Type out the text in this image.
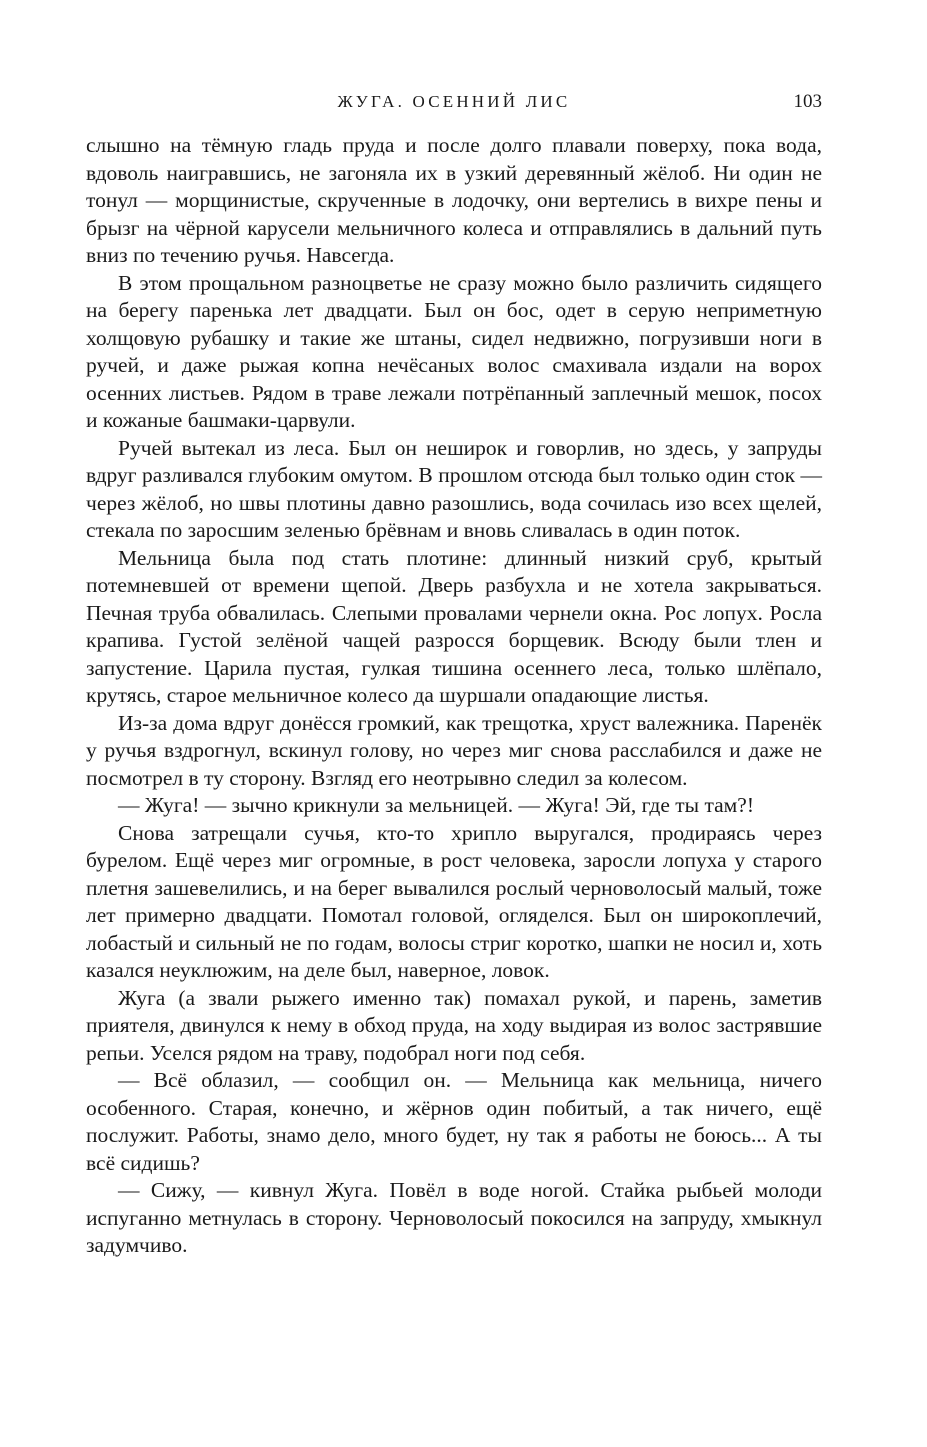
ЖУГА. ОСЕННИЙ ЛИС	103

слышно на тёмную гладь пруда и после долго плавали поверху, пока вода, вдоволь наигравшись, не загоняла их в узкий деревянный жёлоб. Ни один не тонул — морщинистые, скрученные в лодочку, они вертелись в вихре пены и брызг на чёрной карусели мельничного колеса и отправлялись в дальний путь вниз по течению ручья. Навсегда.

В этом прощальном разноцветье не сразу можно было различить сидящего на берегу паренька лет двадцати. Был он бос, одет в серую неприметную холщовую рубашку и такие же штаны, сидел недвижно, погрузивши ноги в ручей, и даже рыжая копна нечёсаных волос смахивала издали на ворох осенних листьев. Рядом в траве лежали потрёпанный заплечный мешок, посох и кожаные башмаки-царвули.

Ручей вытекал из леса. Был он неширок и говорлив, но здесь, у запруды вдруг разливался глубоким омутом. В прошлом отсюда был только один сток — через жёлоб, но швы плотины давно разошлись, вода сочилась изо всех щелей, стекала по заросшим зеленью брёвнам и вновь сливалась в один поток.

Мельница была под стать плотине: длинный низкий сруб, крытый потемневшей от времени щепой. Дверь разбухла и не хотела закрываться. Печная труба обвалилась. Слепыми провалами чернели окна. Рос лопух. Росла крапива. Густой зелёной чащей разросся борщевик. Всюду были тлен и запустение. Царила пустая, гулкая тишина осеннего леса, только шлёпало, крутясь, старое мельничное колесо да шуршали опадающие листья.

Из-за дома вдруг донёсся громкий, как трещотка, хруст валежника. Паренёк у ручья вздрогнул, вскинул голову, но через миг снова расслабился и даже не посмотрел в ту сторону. Взгляд его неотрывно следил за колесом.

— Жуга! — зычно крикнули за мельницей. — Жуга! Эй, где ты там?!

Снова затрещали сучья, кто-то хрипло выругался, продираясь через бурелом. Ещё через миг огромные, в рост человека, заросли лопуха у старого плетня зашевелились, и на берег вывалился рослый черноволосый малый, тоже лет примерно двадцати. Помотал головой, огляделся. Был он широкоплечий, лобастый и сильный не по годам, волосы стриг коротко, шапки не носил и, хоть казался неуклюжим, на деле был, наверное, ловок.

Жуга (а звали рыжего именно так) помахал рукой, и парень, заметив приятеля, двинулся к нему в обход пруда, на ходу выдирая из волос застрявшие репьи. Уселся рядом на траву, подобрал ноги под себя.

— Всё облазил, — сообщил он. — Мельница как мельница, ничего особенного. Старая, конечно, и жёрнов один побитый, а так ничего, ещё послужит. Работы, знамо дело, много будет, ну так я работы не боюсь... А ты всё сидишь?

— Сижу, — кивнул Жуга. Повёл в воде ногой. Стайка рыбьей молоди испуганно метнулась в сторону. Черноволосый покосился на запруду, хмыкнул задумчиво.
